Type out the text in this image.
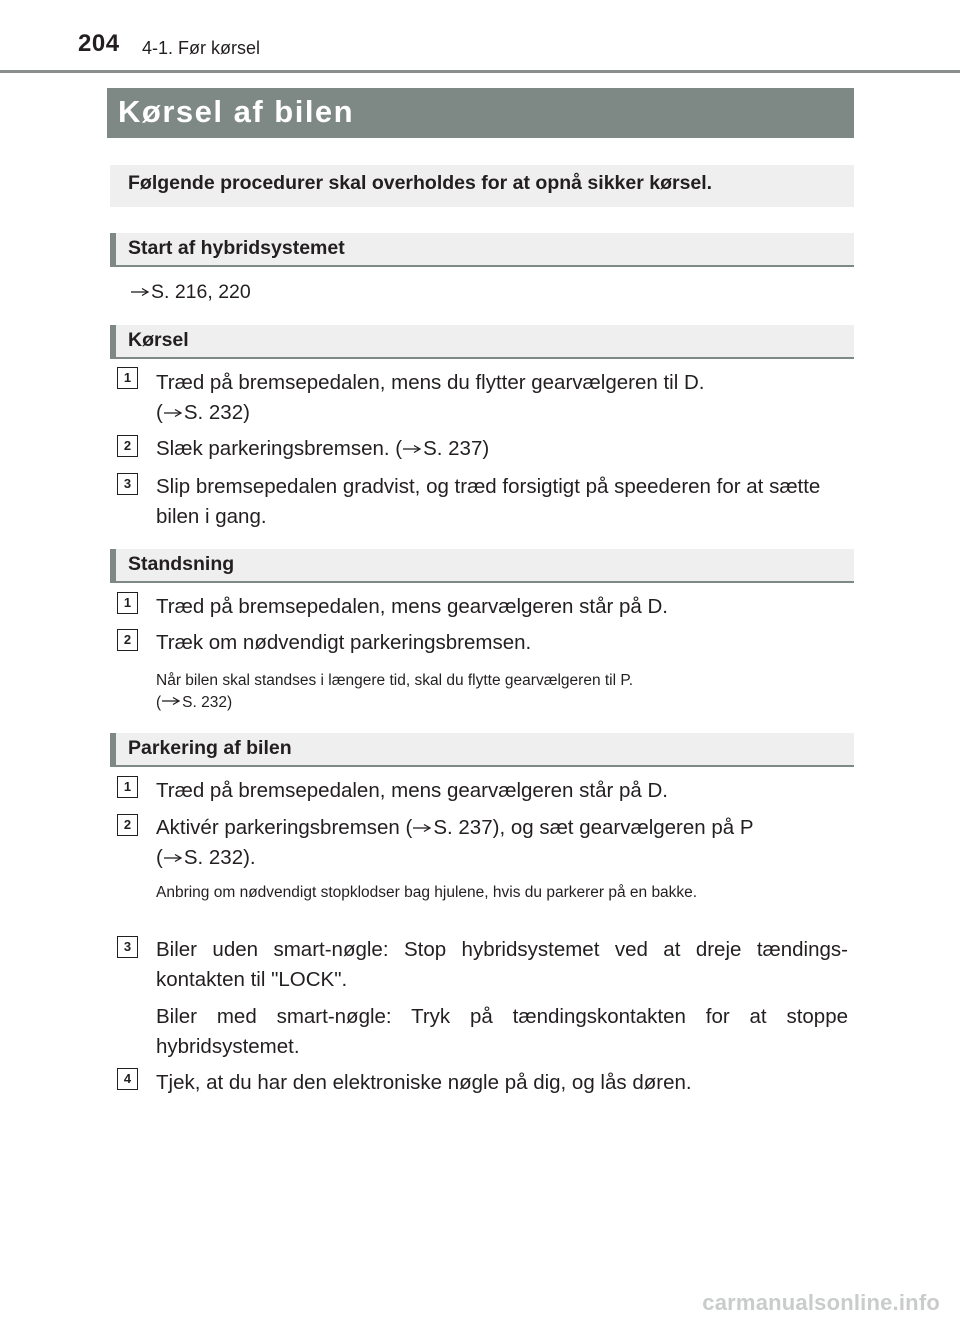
204 4-1. Før kørsel
Kørsel af bilen
Følgende procedurer skal overholdes for at opnå sikker kørsel.
Start af hybridsystemet
S. 216, 220
Kørsel
1	Træd på bremsepedalen, mens du flytter gearvælgeren til D.
( S. 232)
2	Slæk parkeringsbremsen. ( S. 237)
3	Slip bremsepedalen gradvist, og træd forsigtigt på speederen for at sætte bilen i gang.
Standsning
1	Træd på bremsepedalen, mens gearvælgeren står på D.
2	Træk om nødvendigt parkeringsbremsen.
Når bilen skal standses i længere tid, skal du flytte gearvælgeren til P.
( S. 232)
Parkering af bilen
1	Træd på bremsepedalen, mens gearvælgeren står på D.
2	Aktivér parkeringsbremsen ( S. 237), og sæt gearvælgeren på P
( S. 232).
Anbring om nødvendigt stopklodser bag hjulene, hvis du parkerer på en bakke.
3	Biler uden smart-nøgle: Stop hybridsystemet ved at dreje tændings-kontakten til "LOCK".
Biler med smart-nøgle: Tryk på tændingskontakten for at stoppe hybridsystemet.
4	Tjek, at du har den elektroniske nøgle på dig, og lås døren.
carmanualsonline.info
